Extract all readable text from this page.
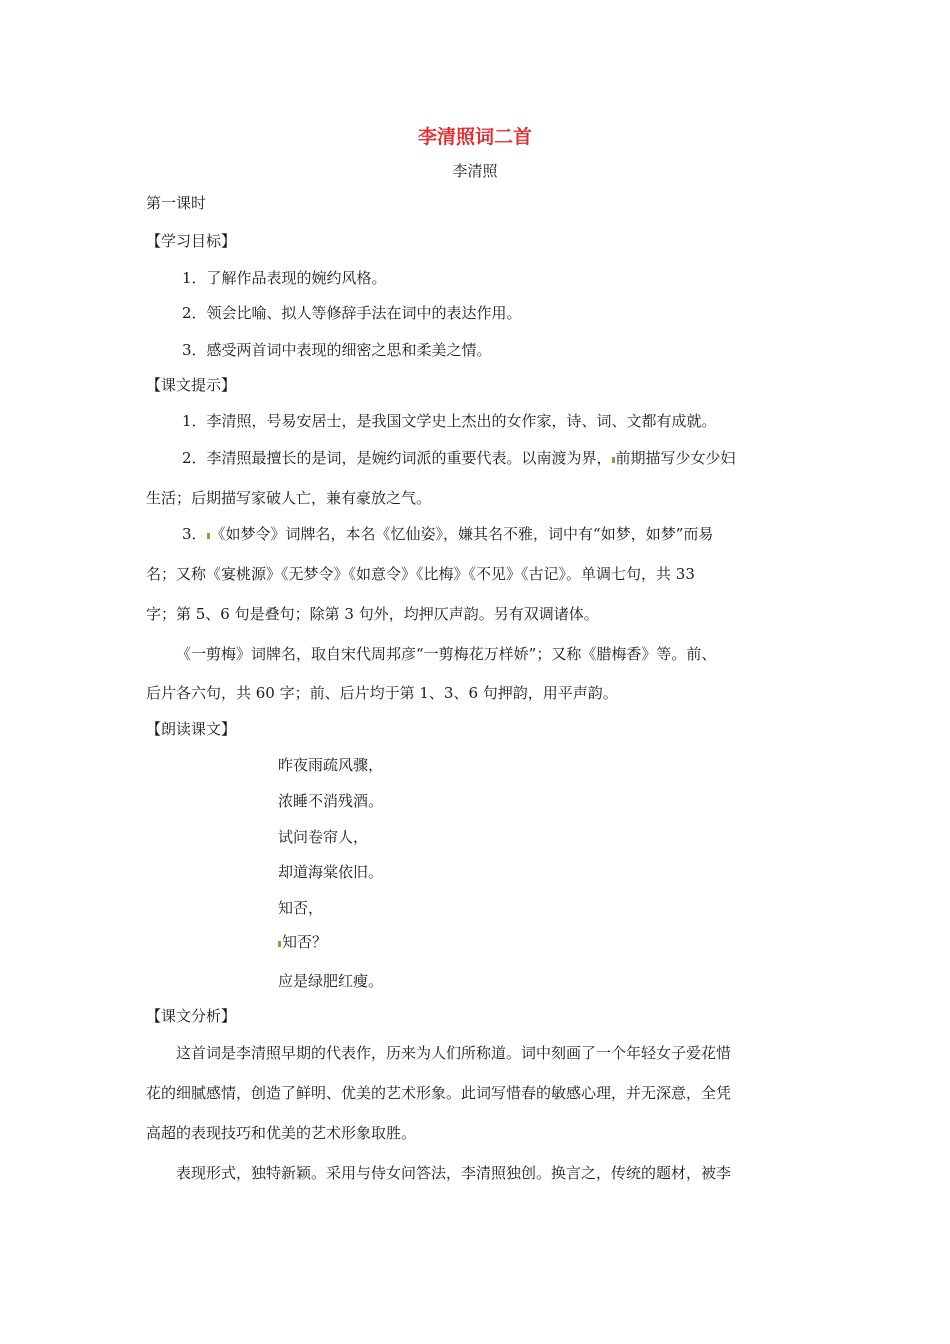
李清照词二首
李清照
第一课时
【学习目标】
1．了解作品表现的婉约风格。
2．领会比喻、拟人等修辞手法在词中的表达作用。
3．感受两首词中表现的细密之思和柔美之情。
【课文提示】
1．李清照，号易安居士，是我国文学史上杰出的女作家，诗、词、文都有成就。
2．李清照最擅长的是词，是婉约词派的重要代表。以南渡为界， 前期描写少女少妇
生活；后期描写家破人亡，兼有豪放之气。
3． 《如梦令》词牌名，本名《忆仙姿》，嫌其名不雅，词中有“如梦，如梦”而易
名；又称《宴桃源》《无梦令》《如意令》《比梅》《不见》《古记》。单调七句，共 33
字；第 5、6 句是叠句；除第 3 句外，均押仄声韵。另有双调诸体。
《一剪梅》词牌名，取自宋代周邦彦“一剪梅花万样娇”；又称《腊梅香》等。前、
后片各六句，共 60 字；前、后片均于第 1、3、6 句押韵，用平声韵。
【朗读课文】
昨夜雨疏风骤，
浓睡不消残酒。
试问卷帘人，
却道海棠依旧。
知否，
知否？
应是绿肥红瘦。
【课文分析】
这首词是李清照早期的代表作，历来为人们所称道。词中刻画了一个年轻女子爱花惜
花的细腻感情，创造了鲜明、优美的艺术形象。此词写惜春的敏感心理，并无深意，全凭
高超的表现技巧和优美的艺术形象取胜。
表现形式，独特新颖。采用与侍女问答法，李清照独创。换言之，传统的题材，被李
